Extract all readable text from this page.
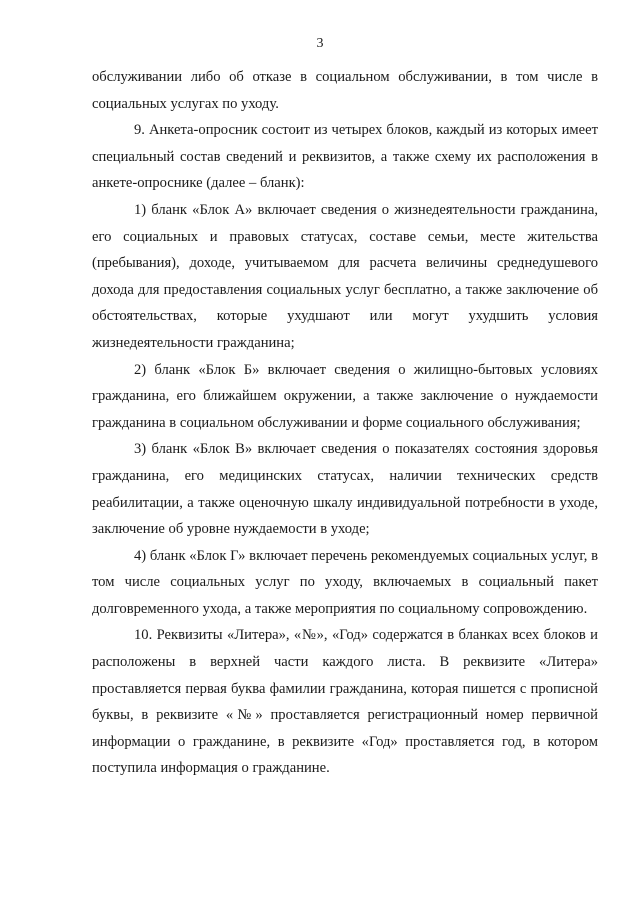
3

обслуживании либо об отказе в социальном обслуживании, в том числе в социальных услугах по уходу.

9. Анкета-опросник состоит из четырех блоков, каждый из которых имеет специальный состав сведений и реквизитов, а также схему их расположения в анкете-опроснике (далее – бланк):

1) бланк «Блок А» включает сведения о жизнедеятельности гражданина, его социальных и правовых статусах, составе семьи, месте жительства (пребывания), доходе, учитываемом для расчета величины среднедушевого дохода для предоставления социальных услуг бесплатно, а также заключение об обстоятельствах, которые ухудшают или могут ухудшить условия жизнедеятельности гражданина;

2) бланк «Блок Б» включает сведения о жилищно-бытовых условиях гражданина, его ближайшем окружении, а также заключение о нуждаемости гражданина в социальном обслуживании и форме социального обслуживания;

3) бланк «Блок В» включает сведения о показателях состояния здоровья гражданина, его медицинских статусах, наличии технических средств реабилитации, а также оценочную шкалу индивидуальной потребности в уходе, заключение об уровне нуждаемости в уходе;

4) бланк «Блок Г» включает перечень рекомендуемых социальных услуг, в том числе социальных услуг по уходу, включаемых в социальный пакет долговременного ухода, а также мероприятия по социальному сопровождению.

10. Реквизиты «Литера», «№», «Год» содержатся в бланках всех блоков и расположены в верхней части каждого листа. В реквизите «Литера» проставляется первая буква фамилии гражданина, которая пишется с прописной буквы, в реквизите «№» проставляется регистрационный номер первичной информации о гражданине, в реквизите «Год» проставляется год, в котором поступила информация о гражданине.
